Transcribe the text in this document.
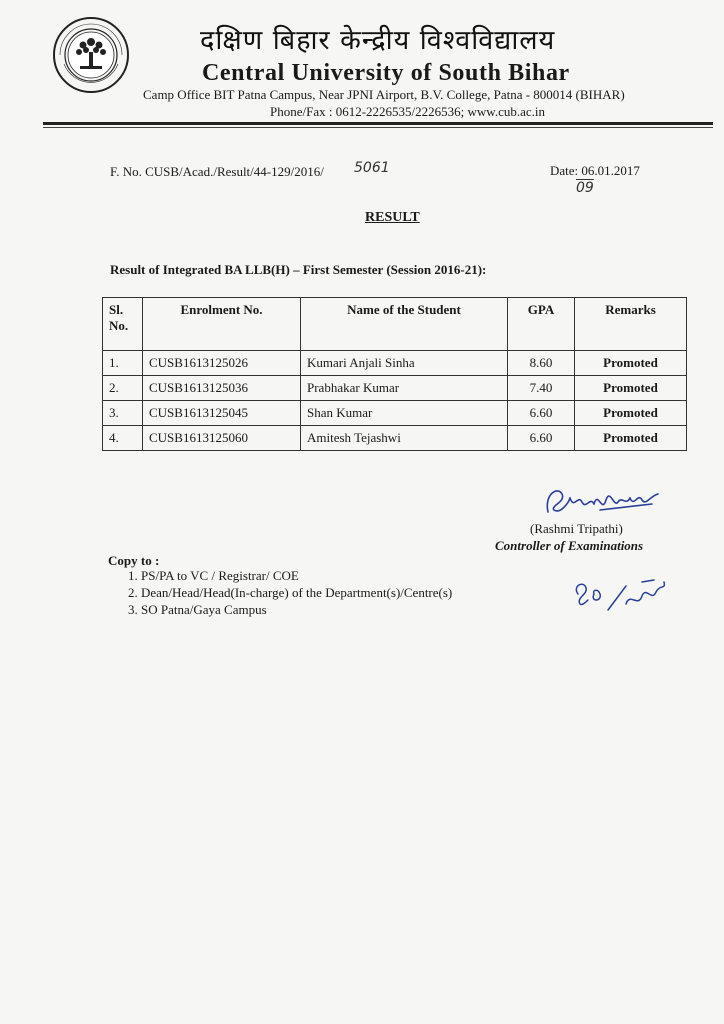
दक्षिण बिहार केन्द्रीय विश्वविद्यालय
Central University of South Bihar
Camp Office BIT Patna Campus, Near JPNI Airport, B.V. College, Patna - 800014 (BIHAR)
Phone/Fax : 0612-2226535/2226536; www.cub.ac.in
F. No. CUSB/Acad./Result/44-129/2016/ 5061	Date: 06.01.2017
09
RESULT
Result of Integrated BA LLB(H) – First Semester (Session 2016-21):
Sl. No.	Enrolment No.	Name of the Student	GPA	Remarks
1.	CUSB1613125026	Kumari Anjali Sinha	8.60	Promoted
2.	CUSB1613125036	Prabhakar Kumar	7.40	Promoted
3.	CUSB1613125045	Shan Kumar	6.60	Promoted
4.	CUSB1613125060	Amitesh Tejashwi	6.60	Promoted
(Rashmi Tripathi)
Controller of Examinations
Copy to :
1. PS/PA to VC / Registrar/ COE
2. Dean/Head/Head(In-charge) of the Department(s)/Centre(s)
3. SO Patna/Gaya Campus
